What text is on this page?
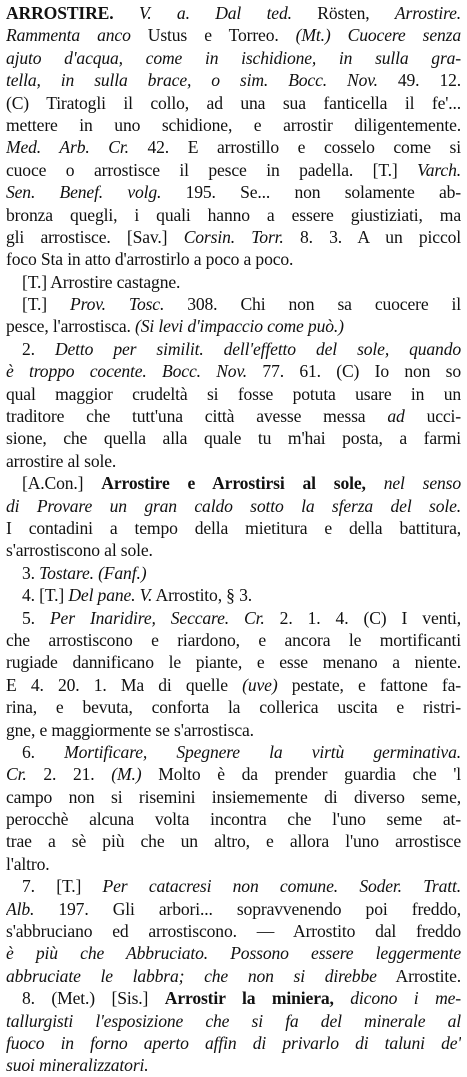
ARROSTIRE. V. a. Dal ted. Rösten, Arrostire.
Rammenta anco Ustus e Torreo. (Mt.) Cuocere senza
ajuto d'acqua, come in ischidione, in sulla gra-
tella, in sulla brace, o sim. Bocc. Nov. 49. 12.
(C) Tiratogli il collo, ad una sua fanticella il fe'...
mettere in uno schidione, e arrostir diligentemente.
Med. Arb. Cr. 42. E arrostillo e cosselo come si
cuoce o arrostisce il pesce in padella. [T.] Varch.
Sen. Benef. volg. 195. Se... non solamente ab-
bronza quegli, i quali hanno a essere giustiziati, ma
gli arrostisce. [Sav.] Corsin. Torr. 8. 3. A un piccol
foco Sta in atto d'arrostirlo a poco a poco.
[T.] Arrostire castagne.
[T.] Prov. Tosc. 308. Chi non sa cuocere il
pesce, l'arrostisca. (Si levi d'impaccio come può.)
2. Detto per similit. dell'effetto del sole, quando
è troppo cocente. Bocc. Nov. 77. 61. (C) Io non so
qual maggior crudeltà si fosse potuta usare in un
traditore che tutt'una città avesse messa ad ucci-
sione, che quella alla quale tu m'hai posta, a farmi
arrostire al sole.
[A.Con.] Arrostire e Arrostirsi al sole, nel senso
di Provare un gran caldo sotto la sferza del sole.
I contadini a tempo della mietitura e della battitura,
s'arrostiscono al sole.
3. Tostare. (Fanf.)
4. [T.] Del pane. V. Arrostito, § 3.
5. Per Inaridire, Seccare. Cr. 2. 1. 4. (C) I venti,
che arrostiscono e riardono, e ancora le mortificanti
rugiade dannificano le piante, e esse menano a niente.
E 4. 20. 1. Ma di quelle (uve) pestate, e fattone fa-
rina, e bevuta, conforta la collerica uscita e ristri-
gne, e maggiormente se s'arrostisca.
6. Mortificare, Spegnere la virtù germinativa.
Cr. 2. 21. (M.) Molto è da prender guardia che 'l
campo non si risemini insiememente di diverso seme,
perocchè alcuna volta incontra che l'uno seme at-
trae a sè più che un altro, e allora l'uno arrostisce
l'altro.
7. [T.] Per catacresi non comune. Soder. Tratt.
Alb. 197. Gli arbori... sopravvenendo poi freddo,
s'abbruciano ed arrostiscono. — Arrostito dal freddo
è più che Abbruciato. Possono essere leggermente
abbruciate le labbra; che non si direbbe Arrostite.
8. (Met.) [Sis.] Arrostir la miniera, dicono i me-
tallurgisti l'esposizione che si fa del minerale al
fuoco in forno aperto affin di privarlo di taluni de'
suoi mineralizzatori.
